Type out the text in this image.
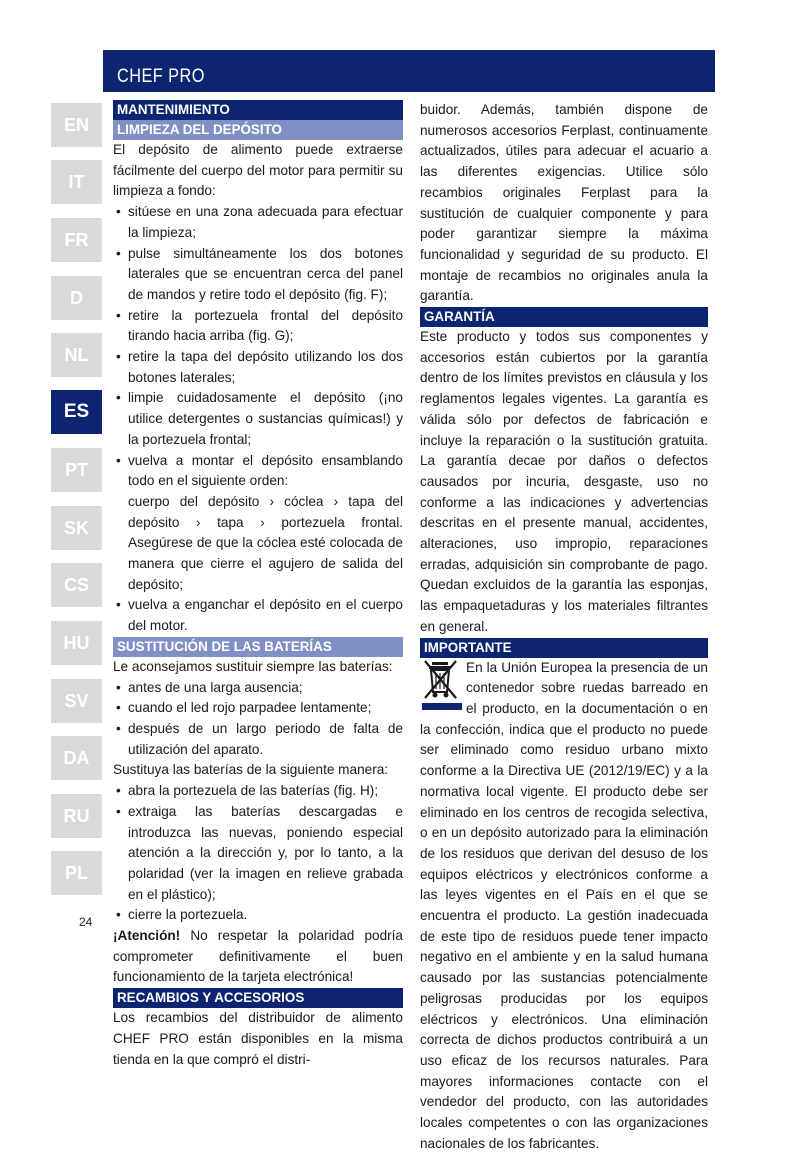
CHEF PRO
EN
IT
FR
D
NL
ES
PT
SK
CS
HU
SV
DA
RU
PL
24
MANTENIMIENTO
LIMPIEZA DEL DEPÓSITO

El depósito de alimento puede extraerse fácilmente del cuerpo del motor para permitir su limpieza a fondo:

• sitúese en una zona adecuada para efectuar la limpieza;
• pulse simultáneamente los dos botones laterales que se encuentran cerca del panel de mandos y retire todo el depósito (fig. F);
• retire la portezuela frontal del depósito tirando hacia arriba (fig. G);
• retire la tapa del depósito utilizando los dos botones laterales;
• limpie cuidadosamente el depósito (¡no utilice detergentes o sustancias químicas!) y la portezuela frontal;
• vuelva a montar el depósito ensamblando todo en el siguiente orden:

cuerpo del depósito › cóclea › tapa del depósito › tapa › portezuela frontal. Asegúrese de que la cóclea esté colocada de manera que cierre el agujero de salida del depósito;

• vuelva a enganchar el depósito en el cuerpo del motor.
SUSTITUCIÓN DE LAS BATERÍAS

Le aconsejamos sustituir siempre las baterías:

• antes de una larga ausencia;
• cuando el led rojo parpadee lentamente;
• después de un largo periodo de falta de utilización del aparato.

Sustituya las baterías de la siguiente manera:

• abra la portezuela de las baterías (fig. H);
• extraiga las baterías descargadas e introduzca las nuevas, poniendo especial atención a la dirección y, por lo tanto, a la polaridad (ver la imagen en relieve grabada en el plástico);
• cierre la portezuela.

¡Atención! No respetar la polaridad podría comprometer definitivamente el buen funcionamiento de la tarjeta electrónica!

RECAMBIOS Y ACCESORIOS

Los recambios del distribuidor de alimento CHEF PRO están disponibles en la misma tienda en la que compró el distri-

buidor. Además, también dispone de numerosos accesorios Ferplast, continuamente actualizados, útiles para adecuar el acuario a las diferentes exigencias. Utilice sólo recambios originales Ferplast para la sustitución de cualquier componente y para poder garantizar siempre la máxima funcionalidad y seguridad de su producto. El montaje de recambios no originales anula la garantía.

GARANTÍA

Este producto y todos sus componentes y accesorios están cubiertos por la garantía dentro de los límites previstos en cláusula y los reglamentos legales vigentes. La garantía es válida sólo por defectos de fabricación e incluye la reparación o la sustitución gratuita. La garantía decae por daños o defectos causados por incuria, desgaste, uso no conforme a las indicaciones y advertencias descritas en el presente manual, accidentes, alteraciones, uso impropio, reparaciones erradas, adquisición sin comprobante de pago. Quedan excluidos de la garantía las esponjas, las empaquetaduras y los materiales filtrantes en general.

IMPORTANTE

En la Unión Europea la presencia de un contenedor sobre ruedas barreado en el producto, en la documentación o en la confección, indica que el producto no puede ser eliminado como residuo urbano mixto conforme a la Directiva UE (2012/19/EC) y a la normativa local vigente. El producto debe ser eliminado en los centros de recogida selectiva, o en un depósito autorizado para la eliminación de los residuos que derivan del desuso de los equipos eléctricos y electrónicos conforme a las leyes vigentes en el País en el que se encuentra el producto. La gestión inadecuada de este tipo de residuos puede tener impacto negativo en el ambiente y en la salud humana causado por las sustancias potencialmente peligrosas producidas por los equipos eléctricos y electrónicos. Una eliminación correcta de dichos productos contribuirá a un uso eficaz de los recursos naturales. Para mayores informaciones contacte con el vendedor del producto, con las autoridades locales competentes o con las organizaciones nacionales de los fabricantes.
